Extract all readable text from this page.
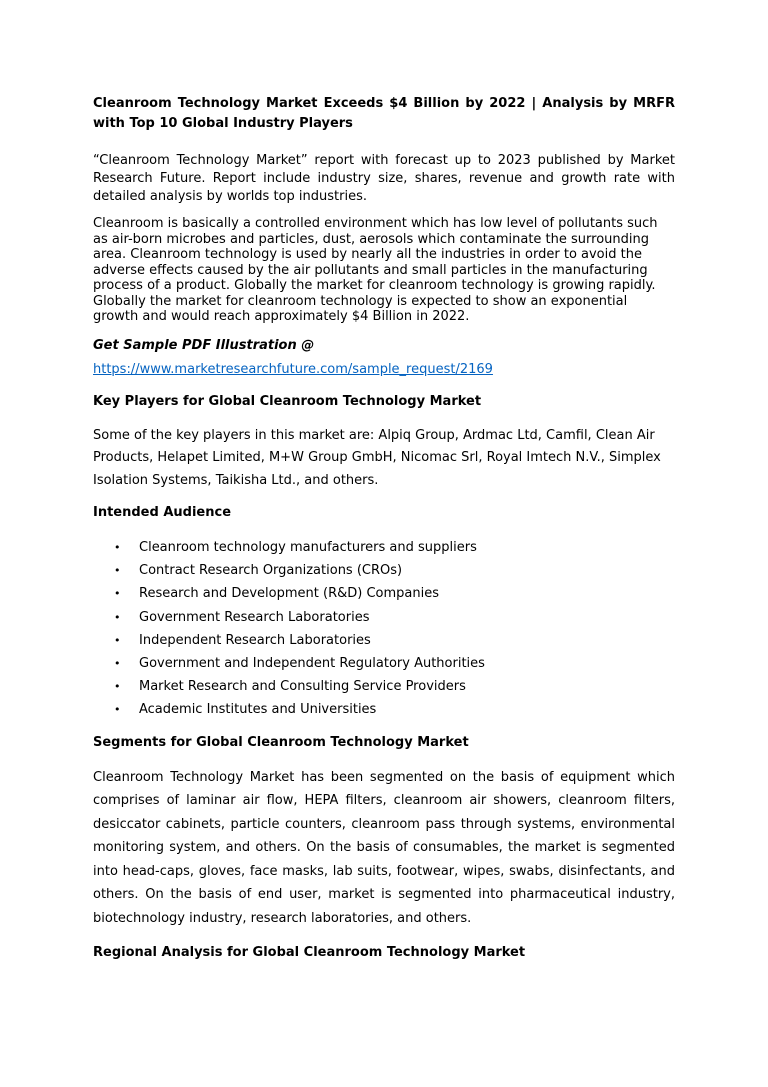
Cleanroom Technology Market Exceeds $4 Billion by 2022 | Analysis by MRFR with Top 10 Global Industry Players

“Cleanroom Technology Market” report with forecast up to 2023 published by Market Research Future. Report include industry size, shares, revenue and growth rate with detailed analysis by worlds top industries.

Cleanroom is basically a controlled environment which has low level of pollutants such as air-born microbes and particles, dust, aerosols which contaminate the surrounding area. Cleanroom technology is used by nearly all the industries in order to avoid the adverse effects caused by the air pollutants and small particles in the manufacturing process of a product. Globally the market for cleanroom technology is growing rapidly. Globally the market for cleanroom technology is expected to show an exponential growth and would reach approximately $4 Billion in 2022.

Get Sample PDF Illustration @

https://www.marketresearchfuture.com/sample_request/2169

Key Players for Global Cleanroom Technology Market

Some of the key players in this market are: Alpiq Group, Ardmac Ltd, Camfil, Clean Air Products, Helapet Limited, M+W Group GmbH, Nicomac Srl, Royal Imtech N.V., Simplex Isolation Systems, Taikisha Ltd., and others.

Intended Audience

• Cleanroom technology manufacturers and suppliers
• Contract Research Organizations (CROs)
• Research and Development (R&D) Companies
• Government Research Laboratories
• Independent Research Laboratories
• Government and Independent Regulatory Authorities
• Market Research and Consulting Service Providers
• Academic Institutes and Universities

Segments for Global Cleanroom Technology Market

Cleanroom Technology Market has been segmented on the basis of equipment which comprises of laminar air flow, HEPA filters, cleanroom air showers, cleanroom filters, desiccator cabinets, particle counters, cleanroom pass through systems, environmental monitoring system, and others. On the basis of consumables, the market is segmented into head-caps, gloves, face masks, lab suits, footwear, wipes, swabs, disinfectants, and others. On the basis of end user, market is segmented into pharmaceutical industry, biotechnology industry, research laboratories, and others.

Regional Analysis for Global Cleanroom Technology Market
